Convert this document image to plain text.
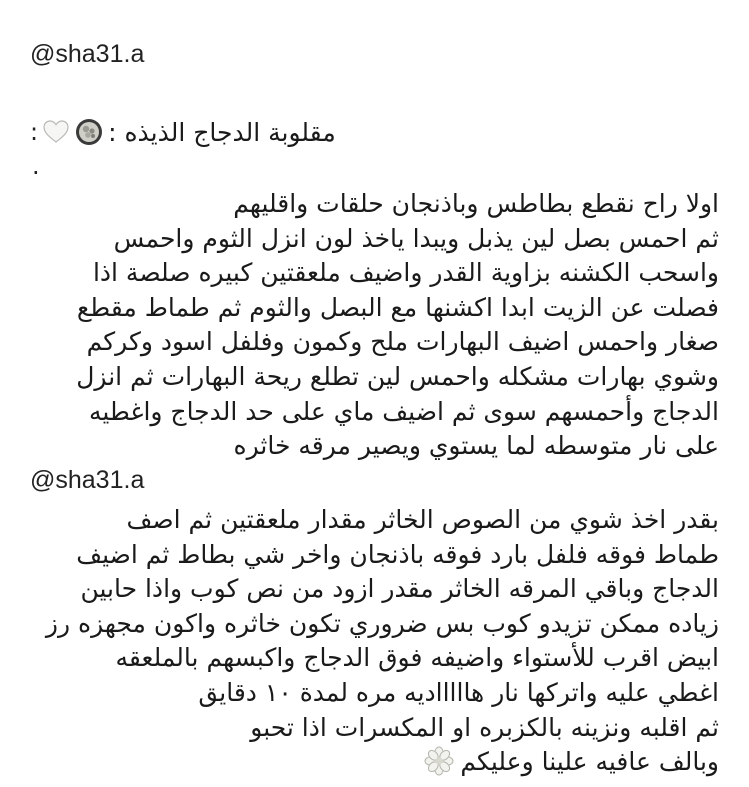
@sha31.a
:	مقلوبة الدجاج الذيذه :
.
اولا راح نقطع بطاطس وباذنجان حلقات واقليهم
ثم احمس بصل لين يذبل ويبدا ياخذ لون انزل الثوم واحمس
واسحب الكشنه بزاوية القدر واضيف ملعقتين كبيره صلصة اذا
فصلت عن الزيت ابدا اكشنها مع البصل والثوم ثم طماط مقطع
صغار واحمس اضيف البهارات ملح وكمون وفلفل اسود وكركم
وشوي بهارات مشكله واحمس لين تطلع ريحة البهارات ثم انزل
الدجاج وأحمسهم سوى ثم اضيف ماي على حد الدجاج واغطيه
على نار متوسطه لما يستوي ويصير مرقه خاثره
@sha31.a
بقدر اخذ شوي من الصوص الخاثر مقدار ملعقتين ثم اصف
طماط فوقه فلفل بارد فوقه باذنجان واخر شي بطاط ثم اضيف
الدجاج وباقي المرقه الخاثر مقدر ازود من نص كوب واذا حابين
زياده ممكن تزيدو كوب بس ضروري تكون خاثره واكون مجهزه رز
ابيض اقرب للأستواء واضيفه فوق الدجاج واكبسهم بالملعقه
اغطي عليه واتركها نار هاااااديه مره لمدة ١٠ دقايق
ثم اقلبه ونزينه بالكزبره او المكسرات اذا تحبو
وبالف عافيه علينا وعليكم
